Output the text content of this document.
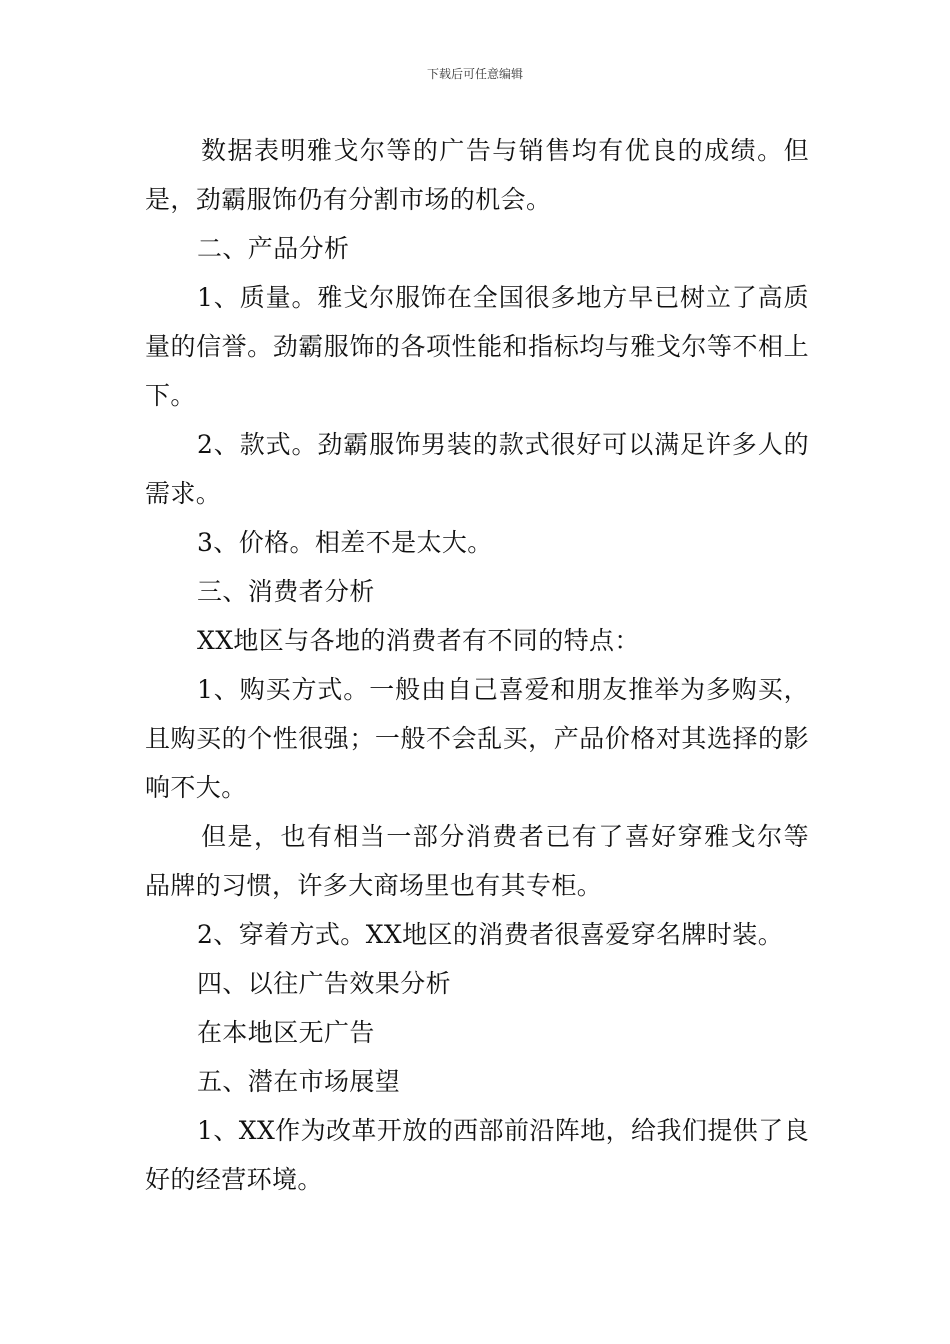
下载后可任意编辑

数据表明雅戈尔等的广告与销售均有优良的成绩。但是，劲霸服饰仍有分割市场的机会。

二、产品分析

1、质量。雅戈尔服饰在全国很多地方早已树立了高质量的信誉。劲霸服饰的各项性能和指标均与雅戈尔等不相上下。

2、款式。劲霸服饰男装的款式很好可以满足许多人的需求。

3、价格。相差不是太大。

三、消费者分析

XX地区与各地的消费者有不同的特点：

1、购买方式。一般由自己喜爱和朋友推举为多购买，且购买的个性很强；一般不会乱买，产品价格对其选择的影响不大。

但是，也有相当一部分消费者已有了喜好穿雅戈尔等品牌的习惯，许多大商场里也有其专柜。

2、穿着方式。XX地区的消费者很喜爱穿名牌时装。

四、以往广告效果分析

在本地区无广告

五、潜在市场展望

1、XX作为改革开放的西部前沿阵地，给我们提供了良好的经营环境。
